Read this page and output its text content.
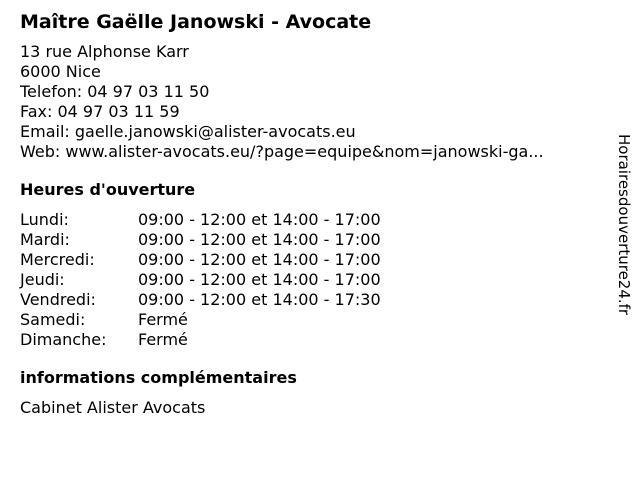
Maître Gaëlle Janowski - Avocate
13 rue Alphonse Karr
6000 Nice
Telefon: 04 97 03 11 50
Fax: 04 97 03 11 59
Email: gaelle.janowski@alister-avocats.eu
Web: www.alister-avocats.eu/?page=equipe&nom=janowski-ga...
Heures d'ouverture
Lundi:	09:00 - 12:00 et 14:00 - 17:00
Mardi:	09:00 - 12:00 et 14:00 - 17:00
Mercredi:	09:00 - 12:00 et 14:00 - 17:00
Jeudi:	09:00 - 12:00 et 14:00 - 17:00
Vendredi:	09:00 - 12:00 et 14:00 - 17:30
Samedi:	Fermé
Dimanche:	Fermé
informations complémentaires
Cabinet Alister Avocats
Horairesdouverture24.fr
